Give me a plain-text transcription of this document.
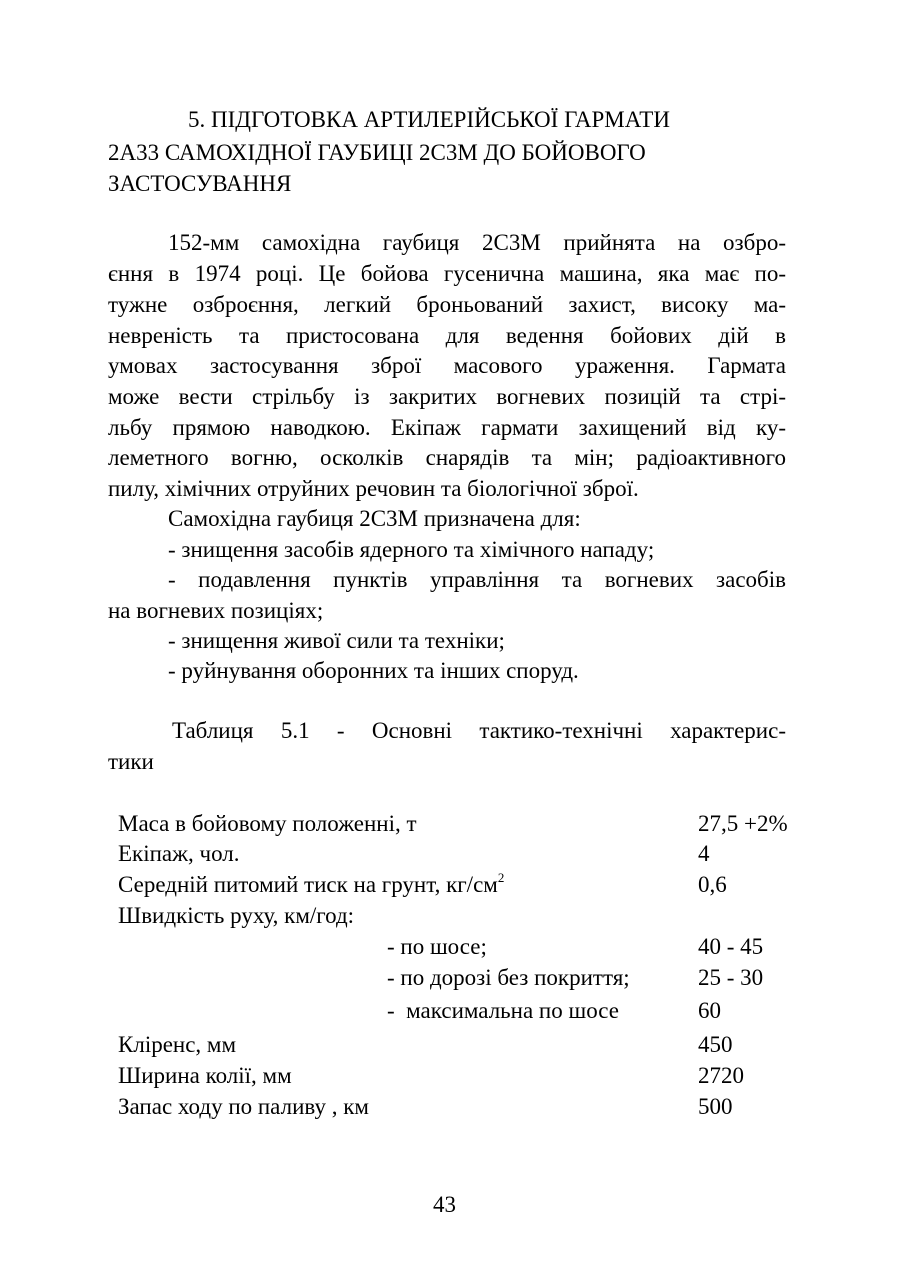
5. ПІДГОТОВКА АРТИЛЕРІЙСЬКОЇ ГАРМАТИ
2А33 САМОХІДНОЇ ГАУБИЦІ 2С3М ДО БОЙОВОГО
ЗАСТОСУВАННЯ
152-мм самохідна гаубиця 2С3М прийнята на озбро-
єння в 1974 році. Це бойова гусенична машина, яка має по-
тужне озброєння, легкий броньований захист, високу ма-
невреність та пристосована для ведення бойових дій в
умовах застосування зброї масового ураження. Гармата
може вести стрільбу із закритих вогневих позицій та стрі-
льбу прямою наводкою. Екіпаж гармати захищений від ку-
леметного вогню, осколків снарядів та мін; радіоактивного
пилу, хімічних отруйних речовин та біологічної зброї.
Самохідна гаубиця 2С3М призначена для:
- знищення засобів ядерного та хімічного нападу;
- подавлення пунктів управління та вогневих засобів
на вогневих позиціях;
- знищення живої сили та техніки;
- руйнування оборонних та інших споруд.
Таблиця 5.1 - Основні тактико-технічні характерис-
тики
Маса в бойовому положенні, т	27,5 +2%
Екіпаж, чол.	4
Середній питомий тиск на грунт, $кг/см^2$	0,6
Швидкість руху, км/год:
- по шосе;	40 - 45
- по дорозі без покриття;	25 - 30
-  максимальна по шосе	60
Кліренс, мм	450
Ширина колії, мм	2720
Запас ходу по паливу , км	500
43
